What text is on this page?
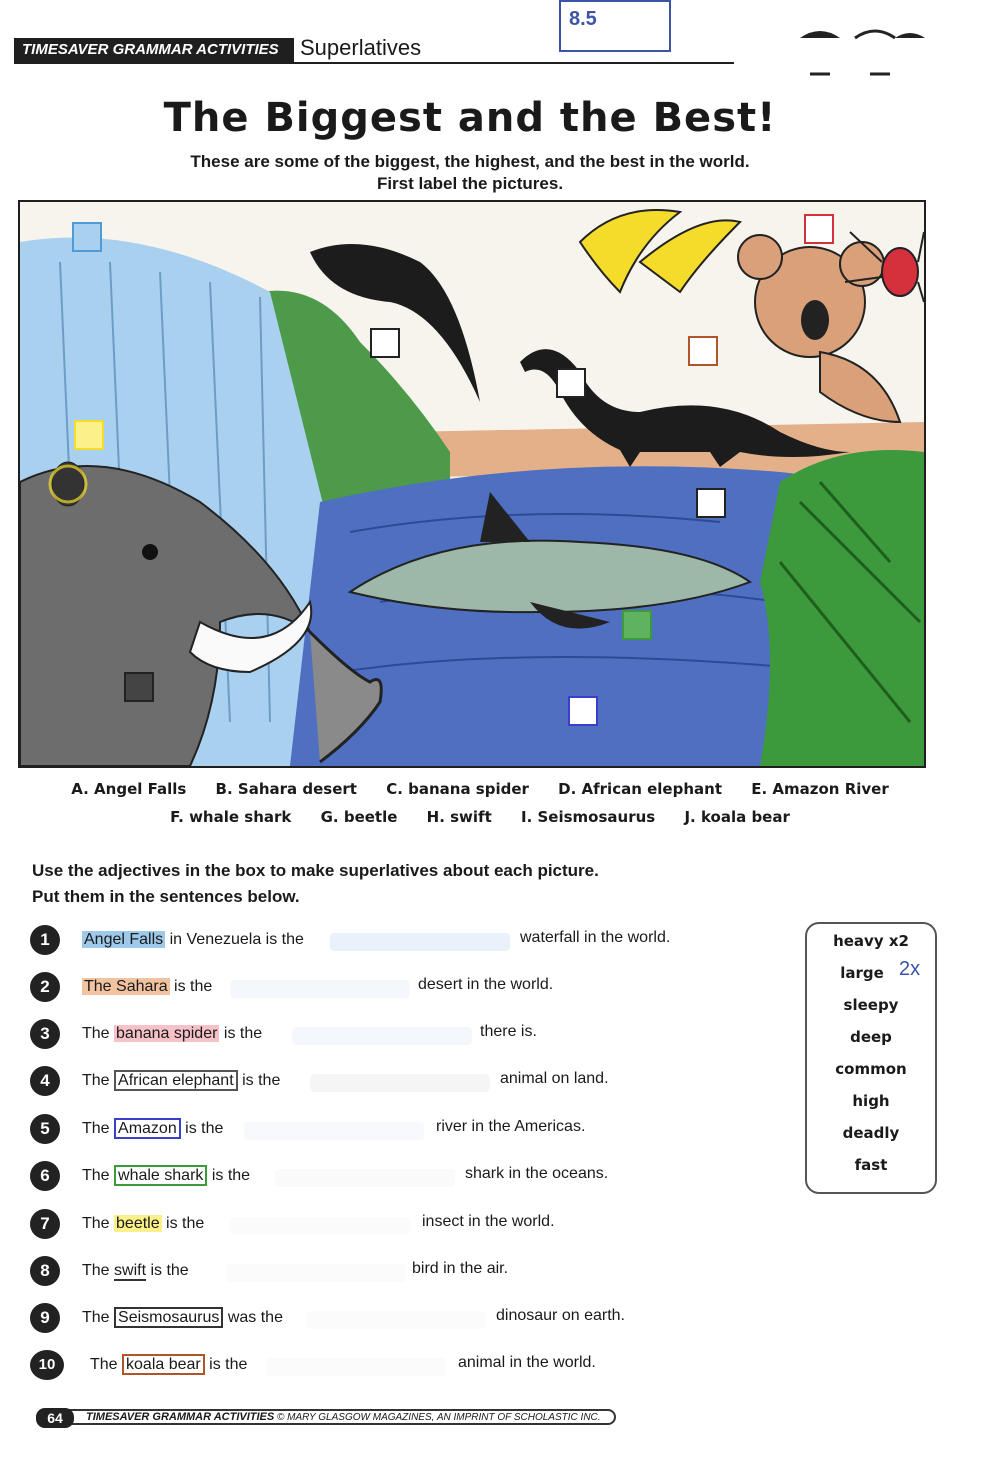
TIMESAVER GRAMMAR ACTIVITIES Superlatives
8.5
The Biggest and the Best!
These are some of the biggest, the highest, and the best in the world.
First label the pictures.
A. Angel Falls B. Sahara desert C. banana spider D. African elephant E. Amazon River
F. whale shark G. beetle H. swift I. Seismosaurus J. koala bear
Use the adjectives in the box to make superlatives about each picture.
Put them in the sentences below.
1	Angel Falls in Venezuela is the	waterfall in the world.
2	The Sahara is the	desert in the world.
3	The banana spider is the	there is.
4	The African elephant is the	animal on land.
5	The Amazon is the	river in the Americas.
6	The whale shark is the	shark in the oceans.
7	The beetle is the	insect in the world.
8	The swift is the	bird in the air.
9	The Seismosaurus was the	dinosaur on earth.
10	The koala bear is the	animal in the world.
heavy x2
large 2x
sleepy
deep
common
high
deadly
fast
64	TIMESAVER GRAMMAR ACTIVITIES © MARY GLASGOW MAGAZINES, AN IMPRINT OF SCHOLASTIC INC.
